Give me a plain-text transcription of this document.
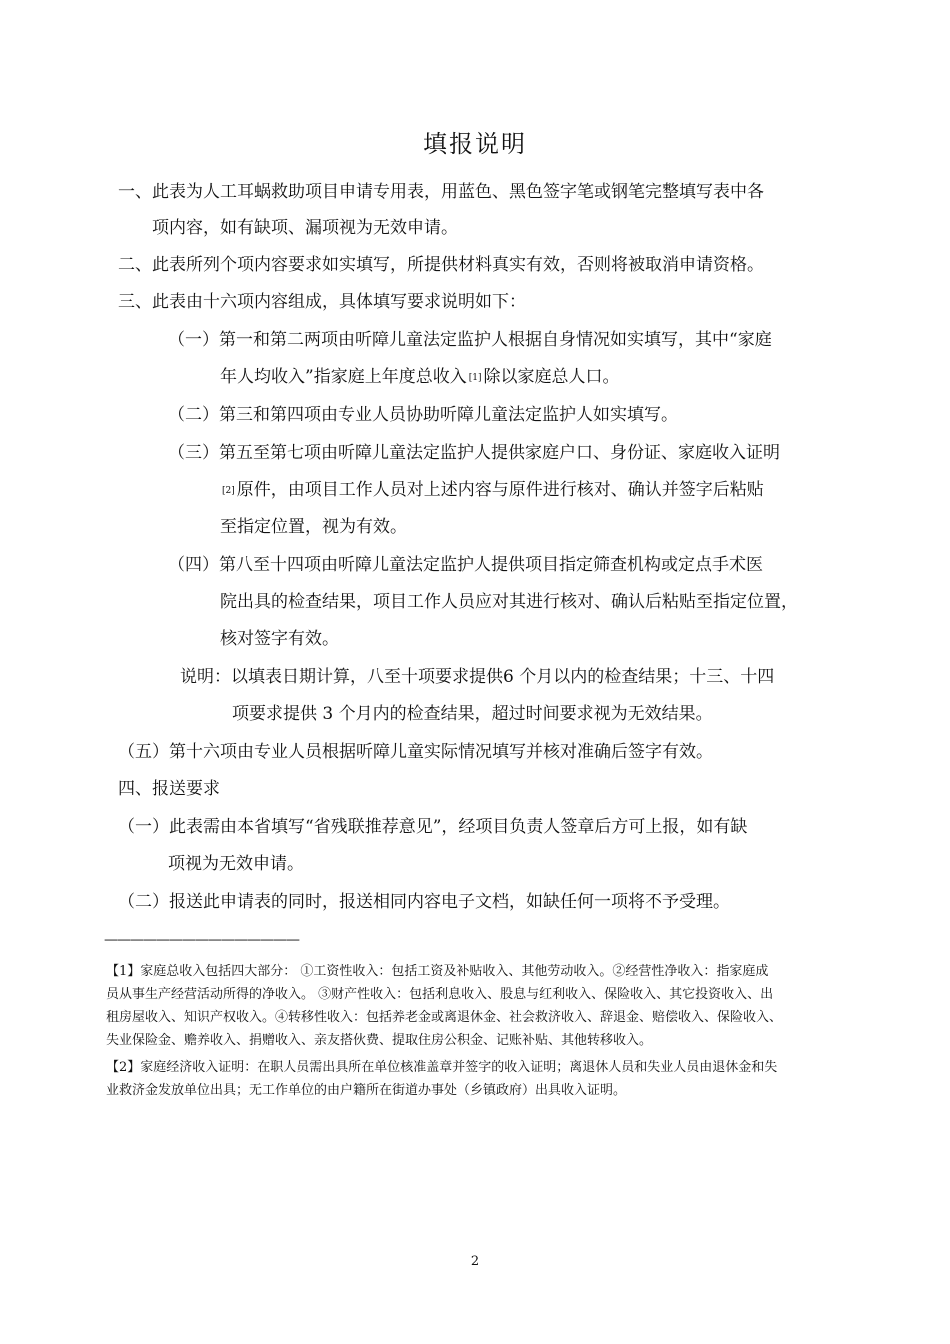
填报说明
一、此表为人工耳蜗救助项目申请专用表，用蓝色、黑色签字笔或钢笔完整填写表中各
项内容，如有缺项、漏项视为无效申请。
二、此表所列个项内容要求如实填写，所提供材料真实有效，否则将被取消申请资格。
三、此表由十六项内容组成，具体填写要求说明如下：
（一）第一和第二两项由听障儿童法定监护人根据自身情况如实填写，其中“家庭
年人均收入”指家庭上年度总收入 [1] 除以家庭总人口。
（二）第三和第四项由专业人员协助听障儿童法定监护人如实填写。
（三）第五至第七项由听障儿童法定监护人提供家庭户口、身份证、家庭收入证明
[2] 原件，由项目工作人员对上述内容与原件进行核对、确认并签字后粘贴
至指定位置，视为有效。
（四）第八至十四项由听障儿童法定监护人提供项目指定筛查机构或定点手术医
院出具的检查结果，项目工作人员应对其进行核对、确认后粘贴至指定位置，
核对签字有效。
说明：以填表日期计算，八至十项要求提供6 个月以内的检查结果；十三、十四
项要求提供 3 个月内的检查结果，超过时间要求视为无效结果。
（五）第十六项由专业人员根据听障儿童实际情况填写并核对准确后签字有效。
四、报送要求
（一）此表需由本省填写“省残联推荐意见”，经项目负责人签章后方可上报，如有缺
项视为无效申请。
（二）报送此申请表的同时，报送相同内容电子文档，如缺任何一项将不予受理。
———————————————
【1】家庭总收入包括四大部分： ①工资性收入：包括工资及补贴收入、其他劳动收入。②经营性净收入：指家庭成
员从事生产经营活动所得的净收入。 ③财产性收入：包括利息收入、股息与红利收入、保险收入、其它投资收入、出
租房屋收入、知识产权收入。④转移性收入：包括养老金或离退休金、社会救济收入、辞退金、赔偿收入、保险收入、
失业保险金、赡养收入、捐赠收入、亲友搭伙费、提取住房公积金、记账补贴、其他转移收入。
【2】家庭经济收入证明：在职人员需出具所在单位核准盖章并签字的收入证明；离退休人员和失业人员由退休金和失
业救济金发放单位出具；无工作单位的由户籍所在街道办事处（乡镇政府）出具收入证明。
2
